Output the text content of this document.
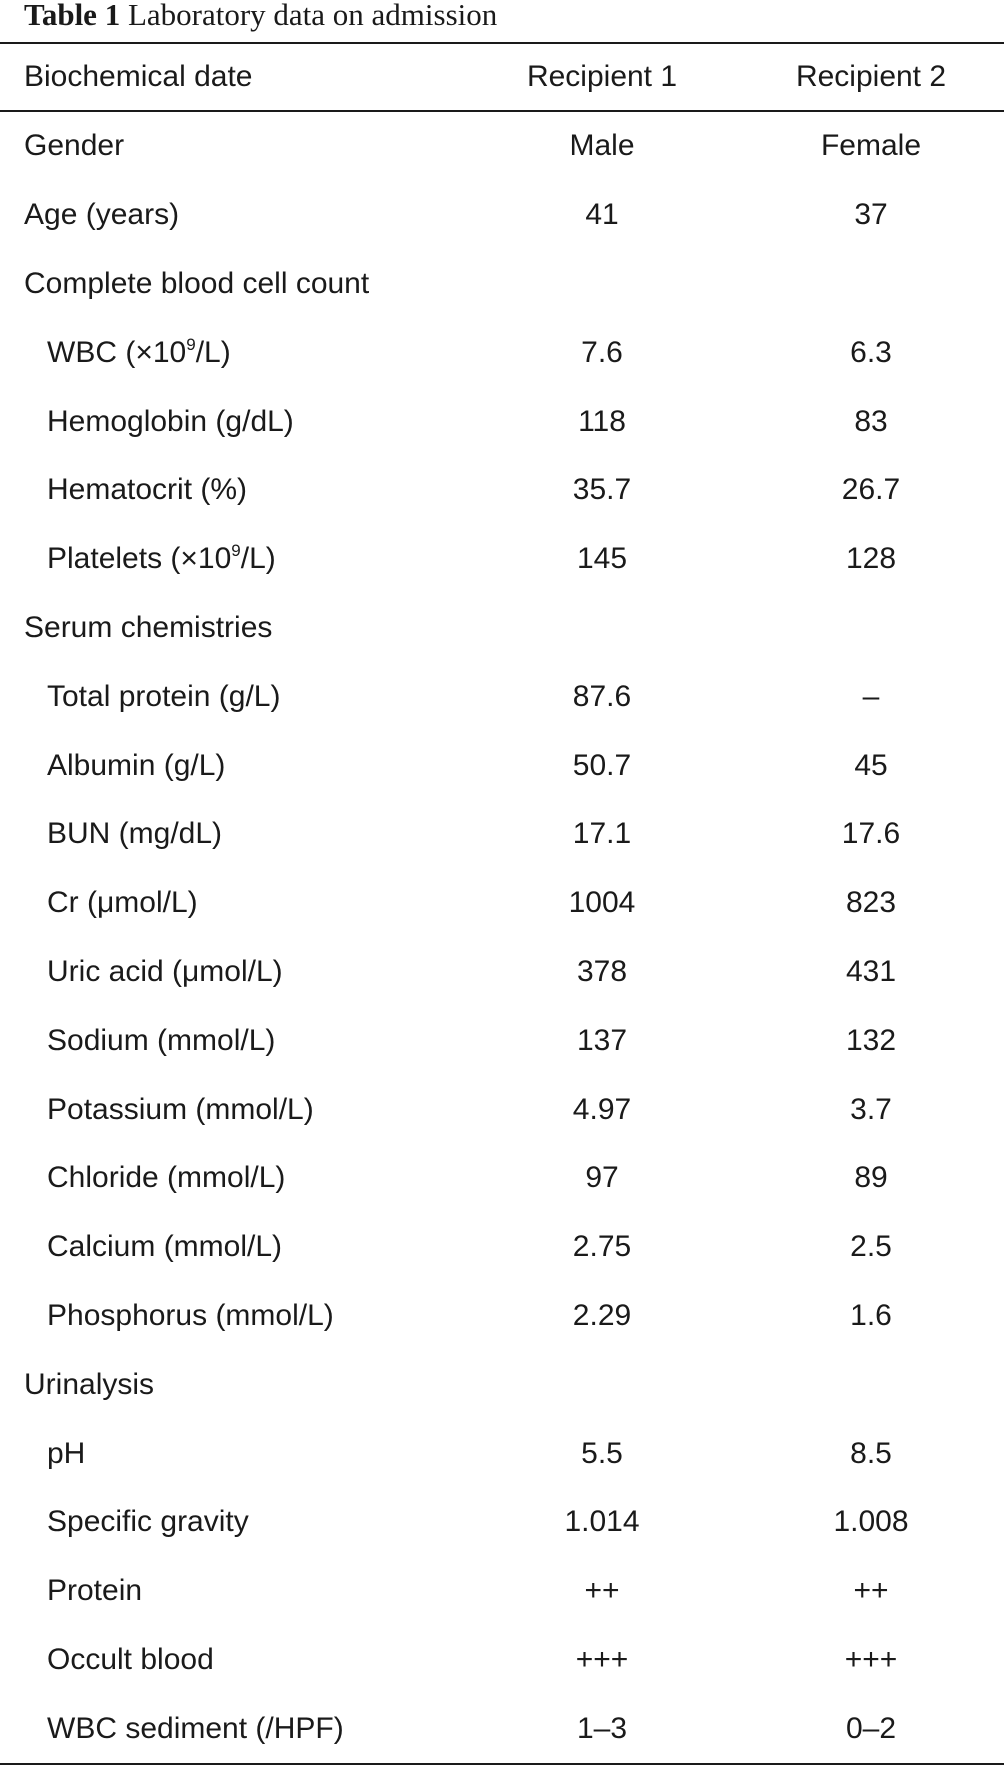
Table 1 Laboratory data on admission
Biochemical date	Recipient 1	Recipient 2
Gender	Male	Female
Age (years)	41	37
Complete blood cell count
WBC $(\times 10^9/L)$	7.6	6.3
Hemoglobin (g/dL)	118	83
Hematocrit (%)	35.7	26.7
Platelets $(\times 10^9/L)$	145	128
Serum chemistries
Total protein (g/L)	87.6	–
Albumin (g/L)	50.7	45
BUN (mg/dL)	17.1	17.6
Cr (μmol/L)	1004	823
Uric acid (μmol/L)	378	431
Sodium (mmol/L)	137	132
Potassium (mmol/L)	4.97	3.7
Chloride (mmol/L)	97	89
Calcium (mmol/L)	2.75	2.5
Phosphorus (mmol/L)	2.29	1.6
Urinalysis
pH	5.5	8.5
Specific gravity	1.014	1.008
Protein	++	++
Occult blood	+++	+++
WBC sediment (/HPF)	1–3	0–2
